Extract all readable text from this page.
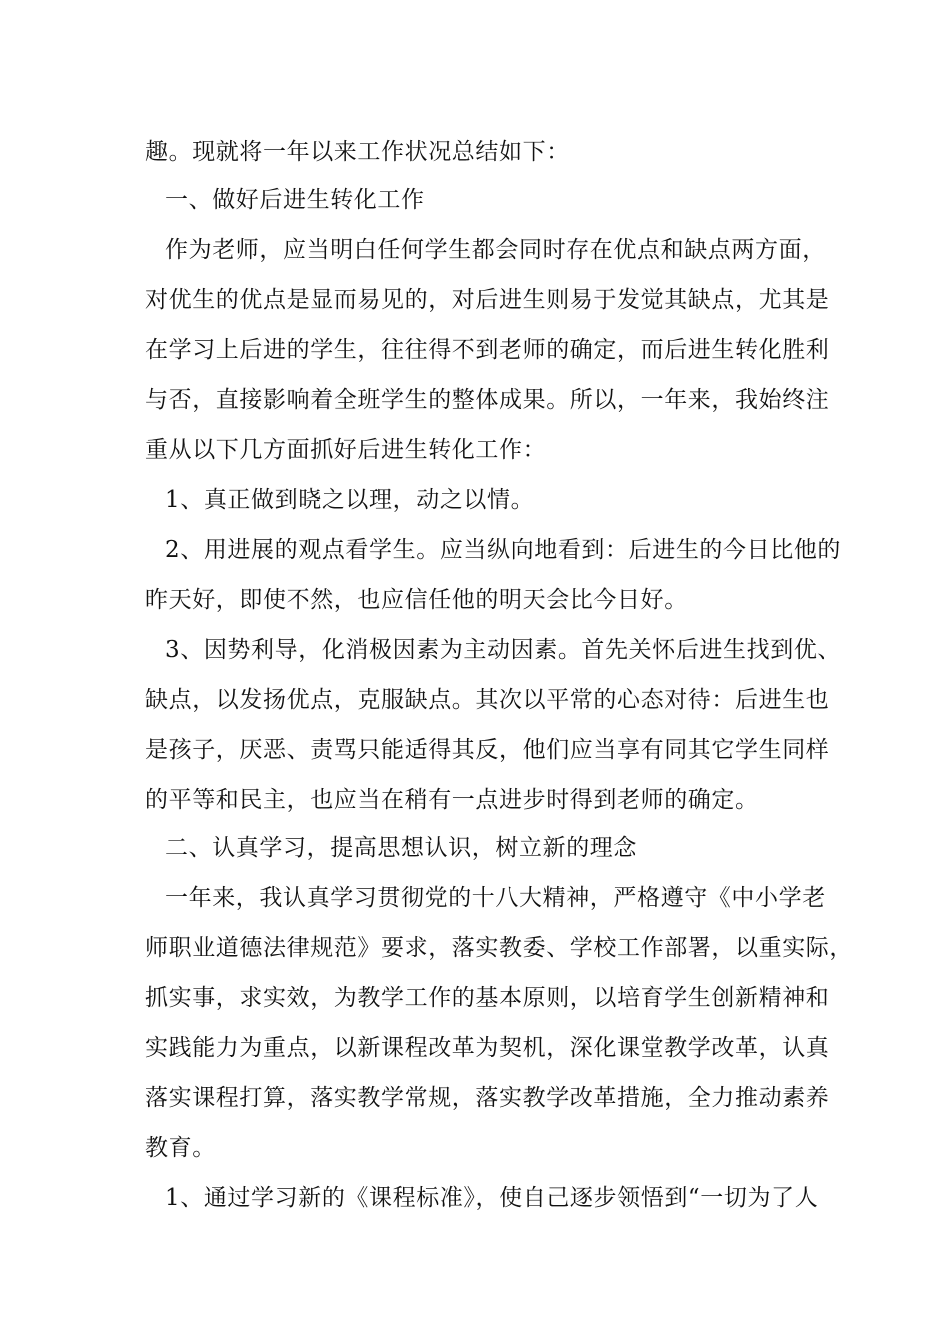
趣。现就将一年以来工作状况总结如下：
一、做好后进生转化工作
作为老师，应当明白任何学生都会同时存在优点和缺点两方面，
对优生的优点是显而易见的，对后进生则易于发觉其缺点，尤其是
在学习上后进的学生，往往得不到老师的确定，而后进生转化胜利
与否，直接影响着全班学生的整体成果。所以，一年来，我始终注
重从以下几方面抓好后进生转化工作：
1、真正做到晓之以理，动之以情。
2、用进展的观点看学生。应当纵向地看到：后进生的今日比他的
昨天好，即使不然，也应信任他的明天会比今日好。
3、因势利导，化消极因素为主动因素。首先关怀后进生找到优、
缺点，以发扬优点，克服缺点。其次以平常的心态对待：后进生也
是孩子，厌恶、责骂只能适得其反，他们应当享有同其它学生同样
的平等和民主，也应当在稍有一点进步时得到老师的确定。
二、认真学习，提高思想认识，树立新的理念
一年来，我认真学习贯彻党的十八大精神，严格遵守《中小学老
师职业道德法律规范》要求，落实教委、学校工作部署，以重实际，
抓实事，求实效，为教学工作的基本原则，以培育学生创新精神和
实践能力为重点，以新课程改革为契机，深化课堂教学改革，认真
落实课程打算，落实教学常规，落实教学改革措施，全力推动素养
教育。
1、通过学习新的《课程标准》，使自己逐步领悟到“一切为了人
